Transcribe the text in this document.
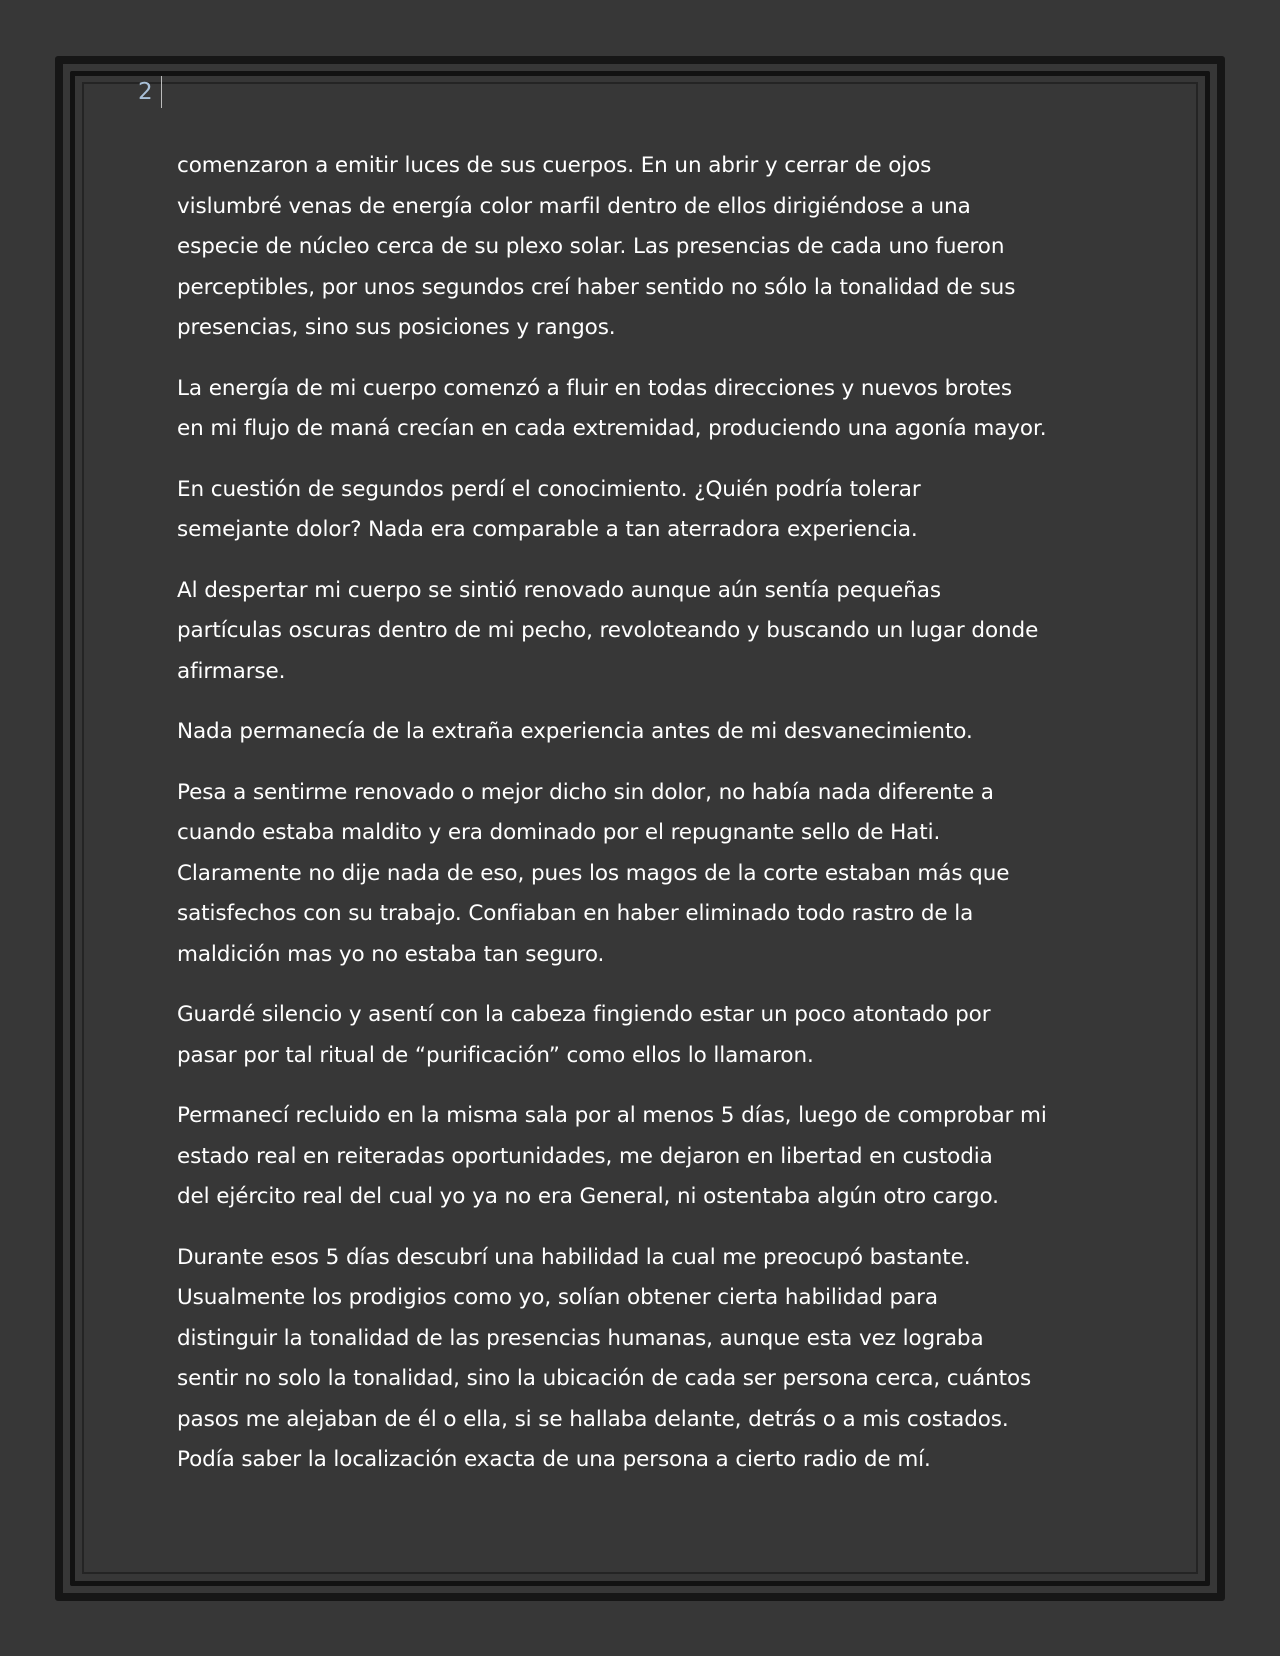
2

comenzaron a emitir luces de sus cuerpos. En un abrir y cerrar de ojos
vislumbré venas de energía color marfil dentro de ellos dirigiéndose a una
especie de núcleo cerca de su plexo solar. Las presencias de cada uno fueron
perceptibles, por unos segundos creí haber sentido no sólo la tonalidad de sus
presencias, sino sus posiciones y rangos.

La energía de mi cuerpo comenzó a fluir en todas direcciones y nuevos brotes
en mi flujo de maná crecían en cada extremidad, produciendo una agonía mayor.

En cuestión de segundos perdí el conocimiento. ¿Quién podría tolerar
semejante dolor? Nada era comparable a tan aterradora experiencia.

Al despertar mi cuerpo se sintió renovado aunque aún sentía pequeñas
partículas oscuras dentro de mi pecho, revoloteando y buscando un lugar donde
afirmarse.

Nada permanecía de la extraña experiencia antes de mi desvanecimiento.

Pesa a sentirme renovado o mejor dicho sin dolor, no había nada diferente a
cuando estaba maldito y era dominado por el repugnante sello de Hati.
Claramente no dije nada de eso, pues los magos de la corte estaban más que
satisfechos con su trabajo. Confiaban en haber eliminado todo rastro de la
maldición mas yo no estaba tan seguro.

Guardé silencio y asentí con la cabeza fingiendo estar un poco atontado por
pasar por tal ritual de “purificación” como ellos lo llamaron.

Permanecí recluido en la misma sala por al menos 5 días, luego de comprobar mi
estado real en reiteradas oportunidades, me dejaron en libertad en custodia
del ejército real del cual yo ya no era General, ni ostentaba algún otro cargo.

Durante esos 5 días descubrí una habilidad la cual me preocupó bastante.
Usualmente los prodigios como yo, solían obtener cierta habilidad para
distinguir la tonalidad de las presencias humanas, aunque esta vez lograba
sentir no solo la tonalidad, sino la ubicación de cada ser persona cerca, cuántos
pasos me alejaban de él o ella, si se hallaba delante, detrás o a mis costados.
Podía saber la localización exacta de una persona a cierto radio de mí.
